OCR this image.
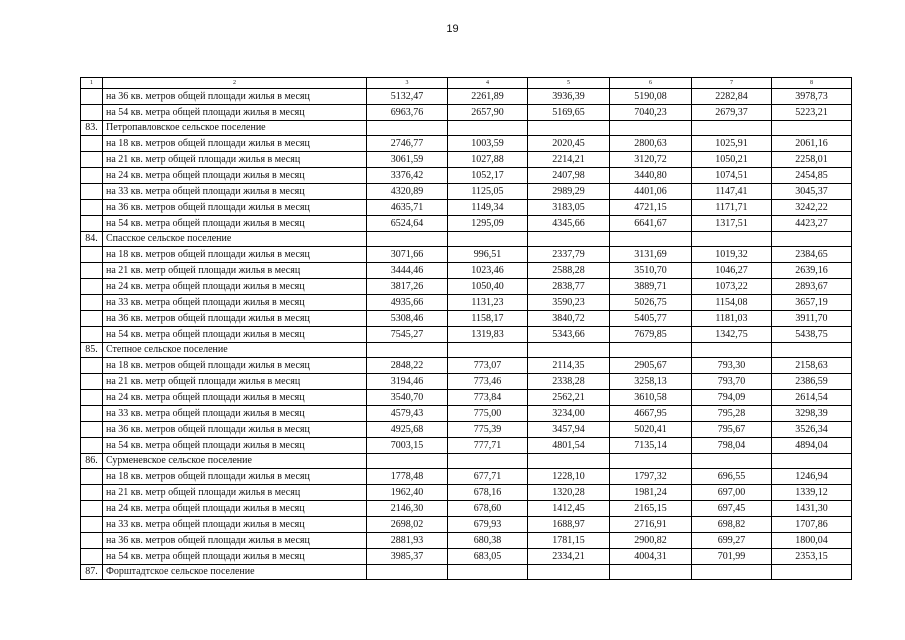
19
1	2	3	4	5	6	7	8
	на 36 кв. метров общей площади жилья в месяц	5132,47	2261,89	3936,39	5190,08	2282,84	3978,73
	на 54 кв. метра общей площади жилья в месяц	6963,76	2657,90	5169,65	7040,23	2679,37	5223,21
83.	Петропавловское сельское поселение						
	на 18 кв. метров общей площади жилья в месяц	2746,77	1003,59	2020,45	2800,63	1025,91	2061,16
	на 21 кв. метр общей площади жилья в месяц	3061,59	1027,88	2214,21	3120,72	1050,21	2258,01
	на 24 кв. метра общей площади жилья в месяц	3376,42	1052,17	2407,98	3440,80	1074,51	2454,85
	на 33 кв. метра общей площади жилья в месяц	4320,89	1125,05	2989,29	4401,06	1147,41	3045,37
	на 36 кв. метров общей площади жилья в месяц	4635,71	1149,34	3183,05	4721,15	1171,71	3242,22
	на 54 кв. метра общей площади жилья в месяц	6524,64	1295,09	4345,66	6641,67	1317,51	4423,27
84.	Спасское сельское поселение						
	на 18 кв. метров общей площади жилья в месяц	3071,66	996,51	2337,79	3131,69	1019,32	2384,65
	на 21 кв. метр общей площади жилья в месяц	3444,46	1023,46	2588,28	3510,70	1046,27	2639,16
	на 24 кв. метра общей площади жилья в месяц	3817,26	1050,40	2838,77	3889,71	1073,22	2893,67
	на 33 кв. метра общей площади жилья в месяц	4935,66	1131,23	3590,23	5026,75	1154,08	3657,19
	на 36 кв. метров общей площади жилья в месяц	5308,46	1158,17	3840,72	5405,77	1181,03	3911,70
	на 54 кв. метра общей площади жилья в месяц	7545,27	1319,83	5343,66	7679,85	1342,75	5438,75
85.	Степное сельское поселение						
	на 18 кв. метров общей площади жилья в месяц	2848,22	773,07	2114,35	2905,67	793,30	2158,63
	на 21 кв. метр общей площади жилья в месяц	3194,46	773,46	2338,28	3258,13	793,70	2386,59
	на 24 кв. метра общей площади жилья в месяц	3540,70	773,84	2562,21	3610,58	794,09	2614,54
	на 33 кв. метра общей площади жилья в месяц	4579,43	775,00	3234,00	4667,95	795,28	3298,39
	на 36 кв. метров общей площади жилья в месяц	4925,68	775,39	3457,94	5020,41	795,67	3526,34
	на 54 кв. метра общей площади жилья в месяц	7003,15	777,71	4801,54	7135,14	798,04	4894,04
86.	Сурменевское сельское поселение						
	на 18 кв. метров общей площади жилья в месяц	1778,48	677,71	1228,10	1797,32	696,55	1246,94
	на 21 кв. метр общей площади жилья в месяц	1962,40	678,16	1320,28	1981,24	697,00	1339,12
	на 24 кв. метра общей площади жилья в месяц	2146,30	678,60	1412,45	2165,15	697,45	1431,30
	на 33 кв. метра общей площади жилья в месяц	2698,02	679,93	1688,97	2716,91	698,82	1707,86
	на 36 кв. метров общей площади жилья в месяц	2881,93	680,38	1781,15	2900,82	699,27	1800,04
	на 54 кв. метра общей площади жилья в месяц	3985,37	683,05	2334,21	4004,31	701,99	2353,15
87.	Форштадтское сельское поселение						
